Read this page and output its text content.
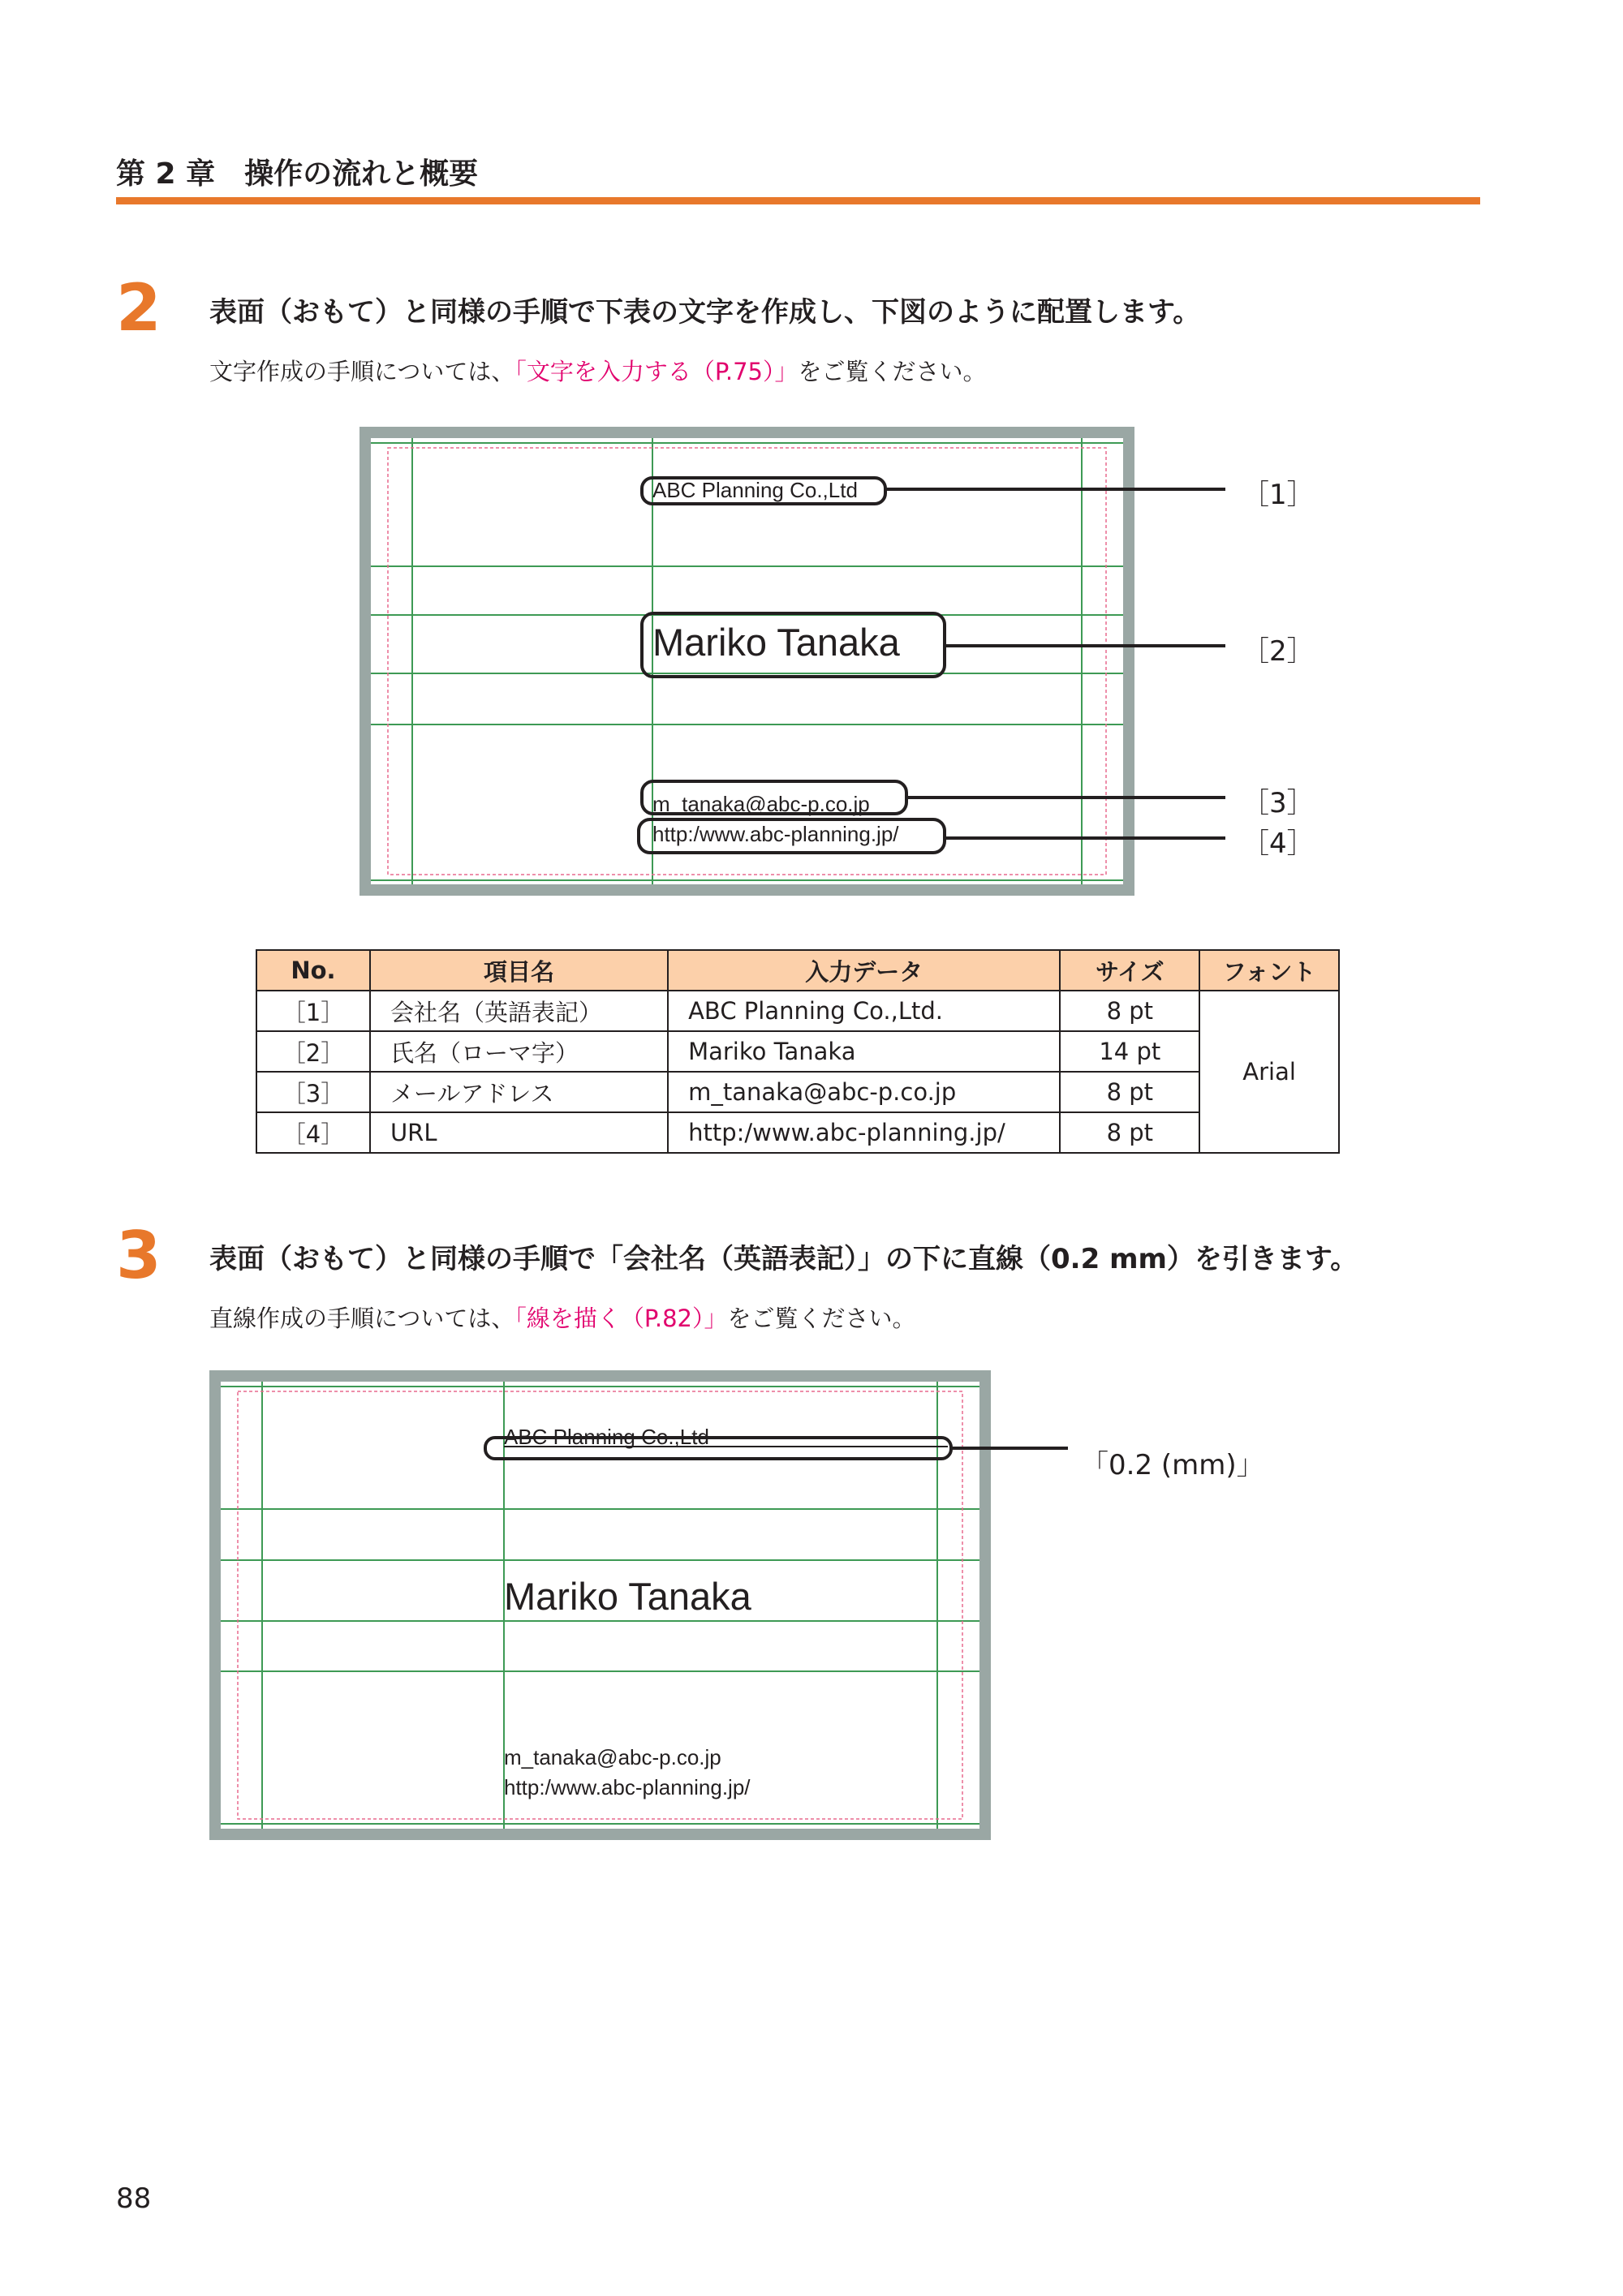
第 2 章　操作の流れと概要
2 表面（おもて）と同様の手順で下表の文字を作成し、下図のように配置します。
文字作成の手順については、「文字を入力する（P.75）」をご覧ください。
ABC Planning Co.,Ltd
Mariko Tanaka
m_tanaka@abc-p.co.jp
http:/www.abc-planning.jp/
［1］
［2］
［3］
［4］
No.	項目名	入力データ	サイズ	フォント
［1］	会社名（英語表記）	ABC Planning Co.,Ltd.	8 pt	Arial
［2］	氏名（ローマ字）	Mariko Tanaka	14 pt	
［3］	メールアドレス	m_tanaka@abc-p.co.jp	8 pt	
［4］	URL	http:/www.abc-planning.jp/	8 pt	
3 表面（おもて）と同様の手順で「会社名（英語表記）」の下に直線（0.2 mm）を引きます。
直線作成の手順については、「線を描く（P.82）」をご覧ください。
ABC Planning Co.,Ltd
Mariko Tanaka
m_tanaka@abc-p.co.jp
http:/www.abc-planning.jp/
「0.2 (mm)」
88
